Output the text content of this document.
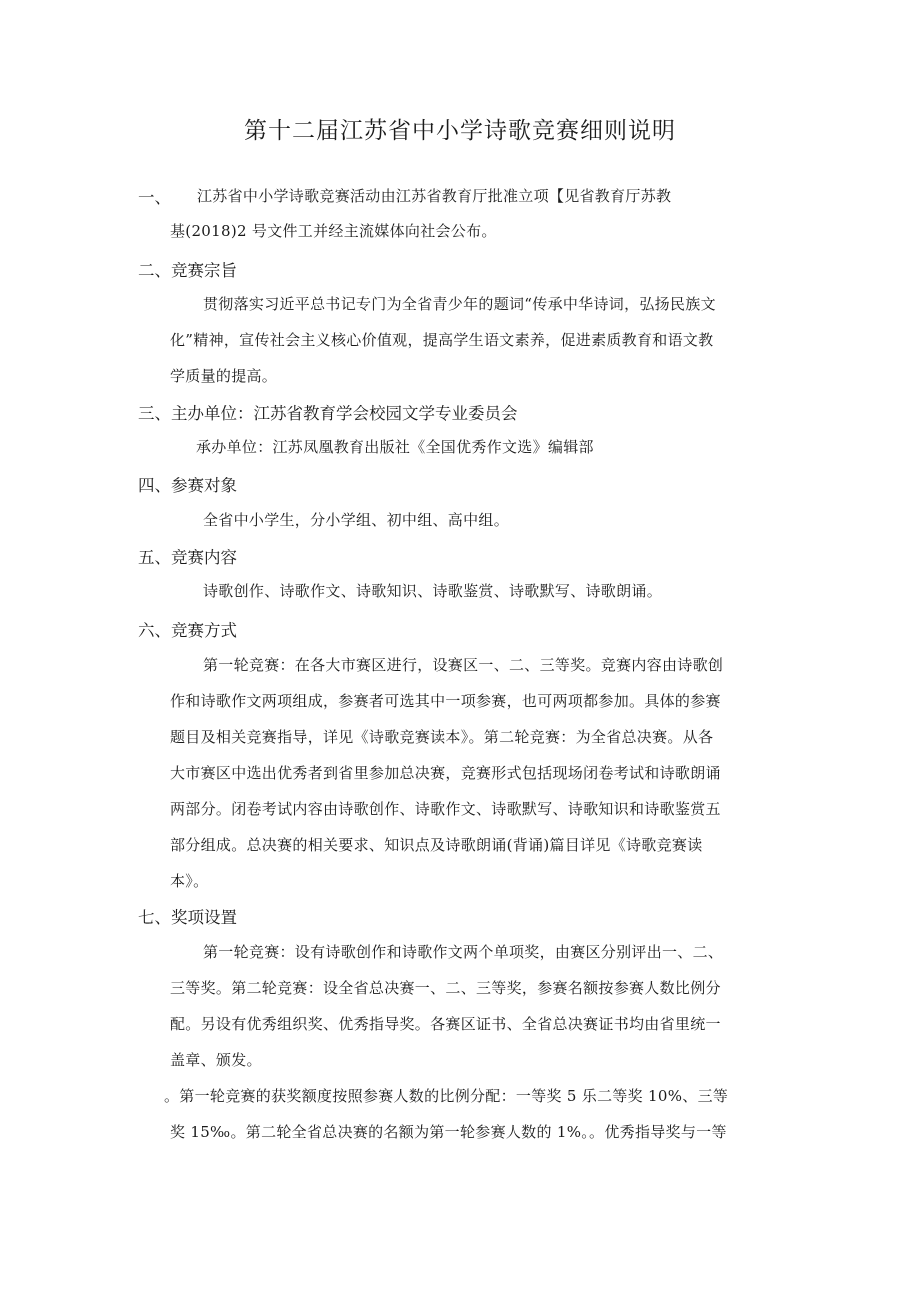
第十二届江苏省中小学诗歌竞赛细则说明
一、 江苏省中小学诗歌竞赛活动由江苏省教育厅批准立项【见省教育厅苏教
基(2018)2 号文件工并经主流媒体向社会公布。
二、竞赛宗旨
贯彻落实习近平总书记专门为全省青少年的题词“传承中华诗词，弘扬民族文
化”精神，宣传社会主义核心价值观，提高学生语文素养，促进素质教育和语文教
学质量的提高。
三、主办单位：江苏省教育学会校园文学专业委员会
承办单位：江苏凤凰教育出版社《全国优秀作文选》编辑部
四、参赛对象
全省中小学生，分小学组、初中组、高中组。
五、竞赛内容
诗歌创作、诗歌作文、诗歌知识、诗歌鉴赏、诗歌默写、诗歌朗诵。
六、竞赛方式
第一轮竞赛：在各大市赛区进行，设赛区一、二、三等奖。竞赛内容由诗歌创
作和诗歌作文两项组成，参赛者可选其中一项参赛，也可两项都参加。具体的参赛
题目及相关竞赛指导，详见《诗歌竞赛读本》。第二轮竞赛：为全省总决赛。从各
大市赛区中选出优秀者到省里参加总决赛，竞赛形式包括现场闭卷考试和诗歌朗诵
两部分。闭卷考试内容由诗歌创作、诗歌作文、诗歌默写、诗歌知识和诗歌鉴赏五
部分组成。总决赛的相关要求、知识点及诗歌朗诵(背诵)篇目详见《诗歌竞赛读
本》。
七、奖项设置
第一轮竞赛：设有诗歌创作和诗歌作文两个单项奖，由赛区分别评出一、二、
三等奖。第二轮竞赛：设全省总决赛一、二、三等奖，参赛名额按参赛人数比例分
配。另设有优秀组织奖、优秀指导奖。各赛区证书、全省总决赛证书均由省里统一
盖章、颁发。
。第一轮竞赛的获奖额度按照参赛人数的比例分配：一等奖 5 乐二等奖 10%、三等
奖 15‰。第二轮全省总决赛的名额为第一轮参赛人数的 1%。。优秀指导奖与一等
